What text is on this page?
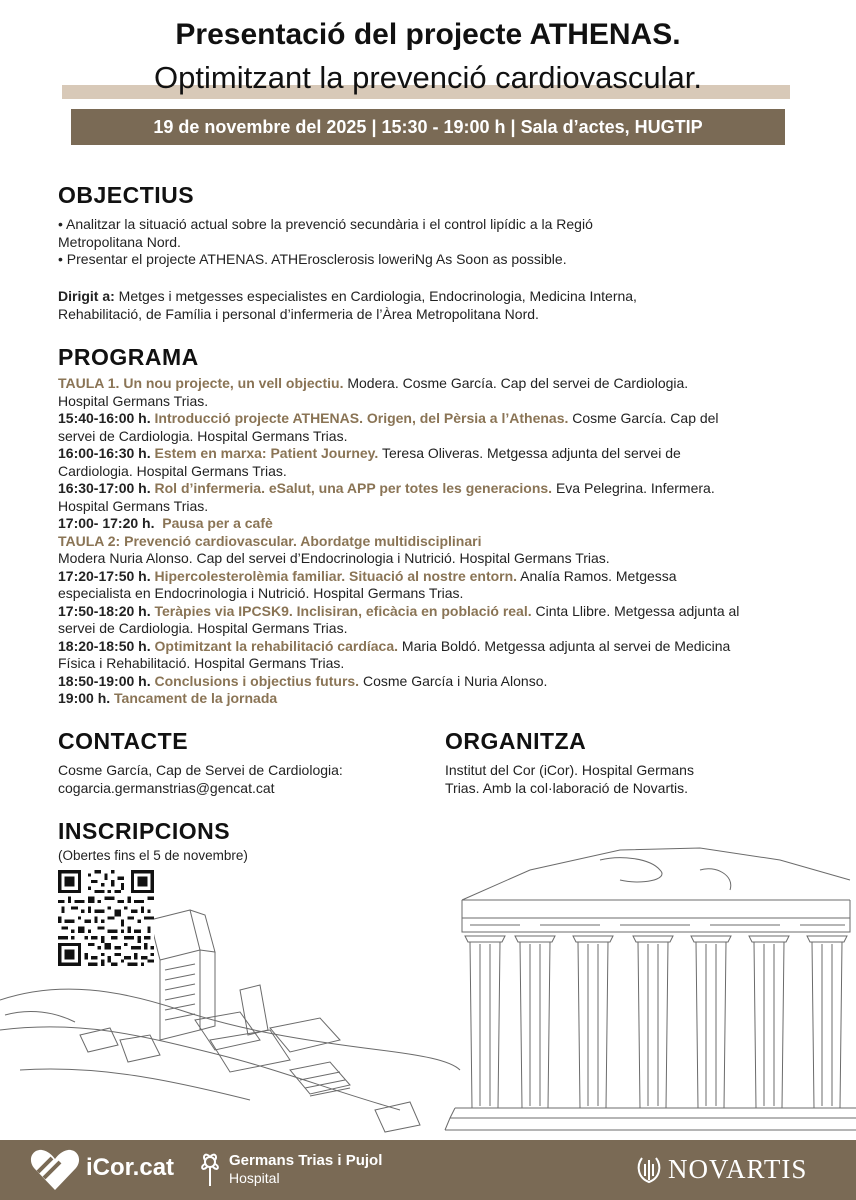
Presentació del projecte ATHENAS.
Optimitzant la prevenció cardiovascular.
19 de novembre del 2025 | 15:30 - 19:00 h | Sala d’actes, HUGTIP
OBJECTIUS
• Analitzar la situació actual sobre la prevenció secundària i el control lipídic a la Regió
Metropolitana Nord.
• Presentar el projecte ATHENAS. ATHErosclerosis loweriNg As Soon as possible.
Dirigit a: Metges i metgesses especialistes en Cardiologia, Endocrinologia, Medicina Interna,
Rehabilitació, de Família i personal d’infermeria de l’Àrea Metropolitana Nord.
PROGRAMA

TAULA 1. Un nou projecte, un vell objectiu. Modera. Cosme García. Cap del servei de Cardiologia.

Hospital Germans Trias.

15:40-16:00 h. Introducció projecte ATHENAS. Origen, del Pèrsia a l’Athenas. Cosme García. Cap del

servei de Cardiologia. Hospital Germans Trias.

16:00-16:30 h. Estem en marxa: Patient Journey. Teresa Oliveras. Metgessa adjunta del servei de

Cardiologia. Hospital Germans Trias.

16:30-17:00 h. Rol d’infermeria. eSalut, una APP per totes les generacions. Eva Pelegrina. Infermera.

Hospital Germans Trias.

17:00- 17:20 h. Pausa per a cafè

TAULA 2: Prevenció cardiovascular. Abordatge multidisciplinari

Modera Nuria Alonso. Cap del servei d’Endocrinologia i Nutrició. Hospital Germans Trias.

17:20-17:50 h. Hipercolesterolèmia familiar. Situació al nostre entorn. Analía Ramos. Metgessa

especialista en Endocrinologia i Nutrició. Hospital Germans Trias.

17:50-18:20 h. Teràpies via IPCSK9. Inclisiran, eficàcia en població real. Cinta Llibre. Metgessa adjunta al

servei de Cardiologia. Hospital Germans Trias.

18:20-18:50 h. Optimitzant la rehabilitació cardíaca. Maria Boldó. Metgessa adjunta al servei de Medicina

Física i Rehabilitació. Hospital Germans Trias.

18:50-19:00 h. Conclusions i objectius futurs. Cosme García i Nuria Alonso.

19:00 h. Tancament de la jornada

CONTACTE
Cosme García, Cap de Servei de Cardiologia:
cogarcia.germanstrias@gencat.cat
ORGANITZA
Institut del Cor (iCor). Hospital Germans
Trias. Amb la col·laboració de Novartis.
INSCRIPCIONS
(Obertes fins el 5 de novembre)
iCor.cat	Germans Trias i Pujol
Hospital	NOVARTIS
